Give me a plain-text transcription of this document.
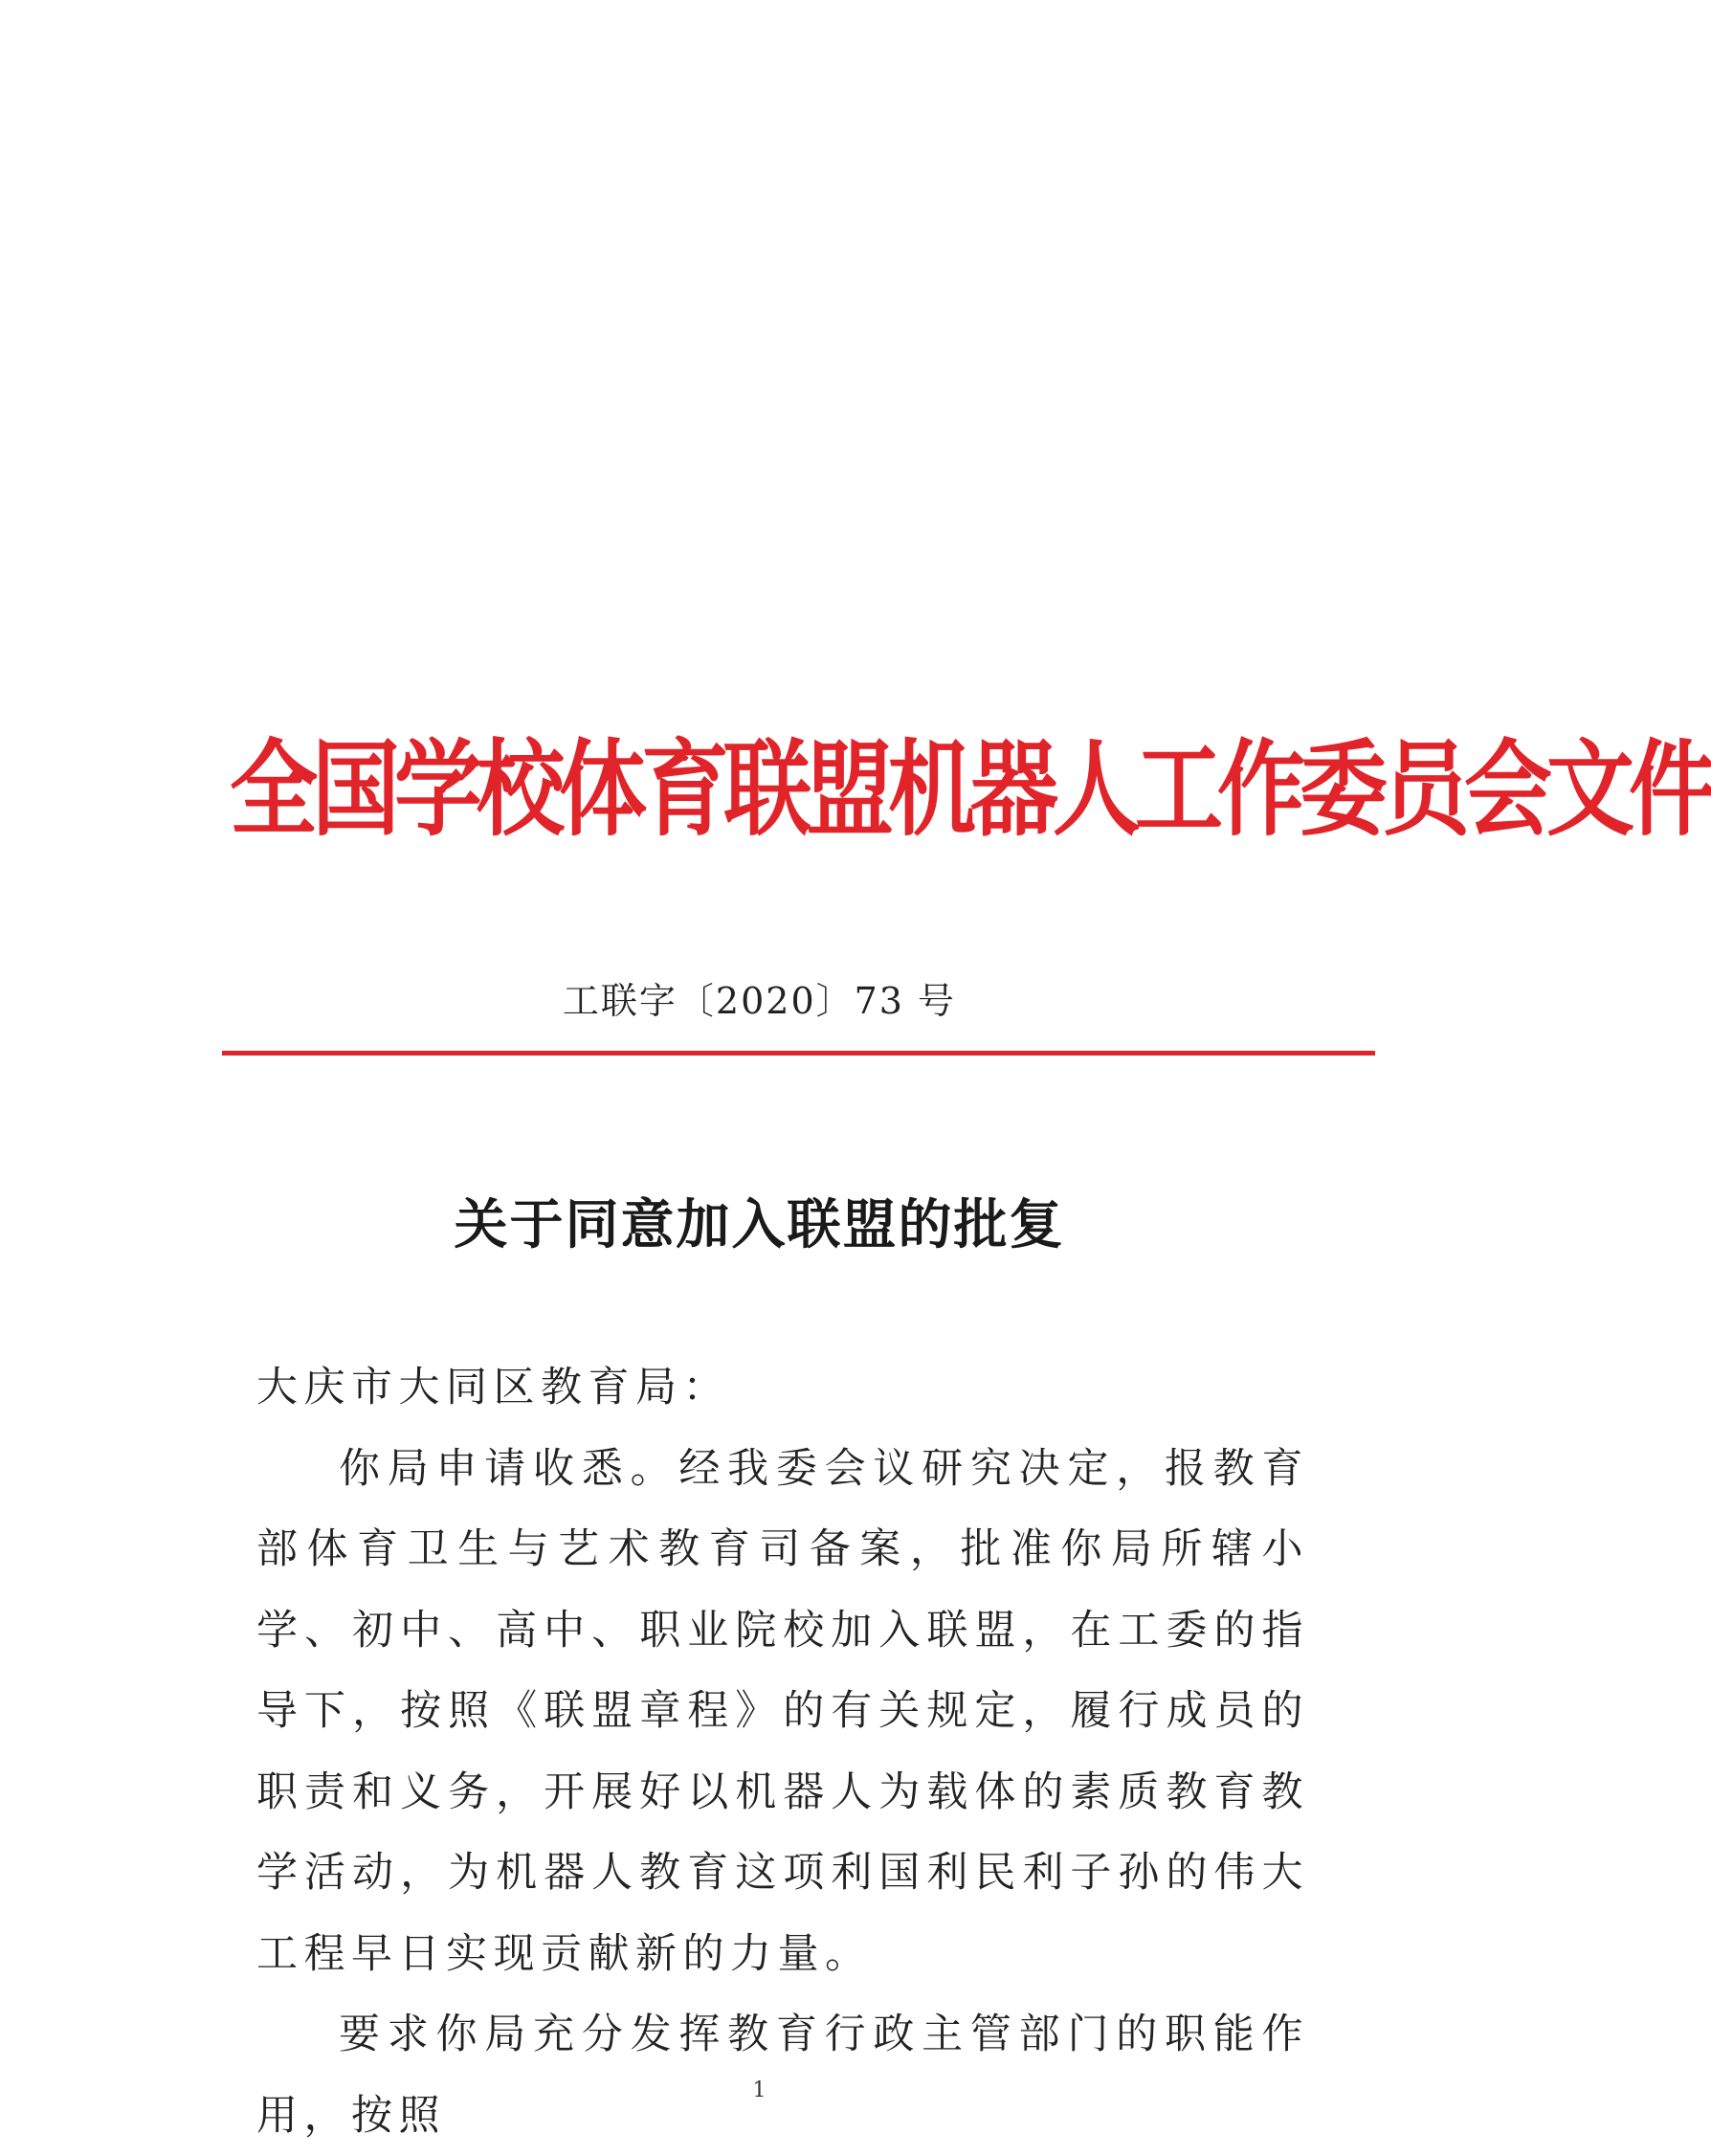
全国学校体育联盟机器人工作委员会文件
工联字〔2020〕73 号
关于同意加入联盟的批复

大庆市大同区教育局：

你局申请收悉。经我委会议研究决定，报教育部体育卫生与艺术教育司备案，批准你局所辖小学、初中、高中、职业院校加入联盟，在工委的指导下，按照《联盟章程》的有关规定，履行成员的职责和义务，开展好以机器人为载体的素质教育教学活动，为机器人教育这项利国利民利子孙的伟大工程早日实现贡献新的力量。

要求你局充分发挥教育行政主管部门的职能作用，按照

1
